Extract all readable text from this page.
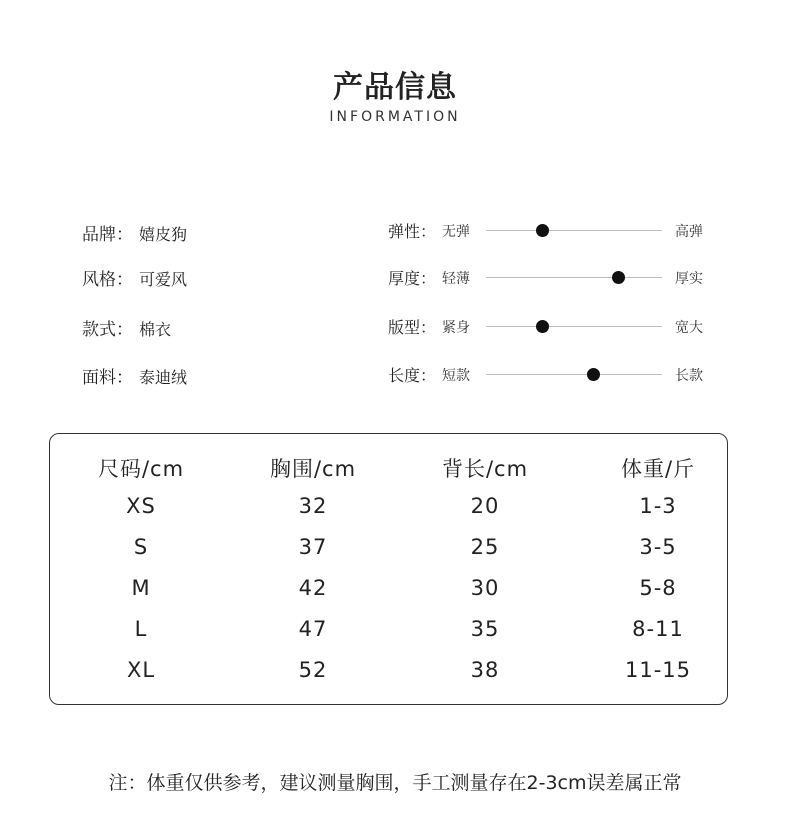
产品信息
INFORMATION
品牌： 嬉皮狗
风格： 可爱风
款式： 棉衣
面料： 泰迪绒
弹性： 无弹	高弹
厚度： 轻薄	厚实
版型： 紧身	宽大
长度： 短款	长款
尺码/cm	胸围/cm	背长/cm	体重/斤
XS	32	20	1-3
S	37	25	3-5
M	42	30	5-8
L	47	35	8-11
XL	52	38	11-15
注：体重仅供参考，建议测量胸围，手工测量存在2-3cm误差属正常
